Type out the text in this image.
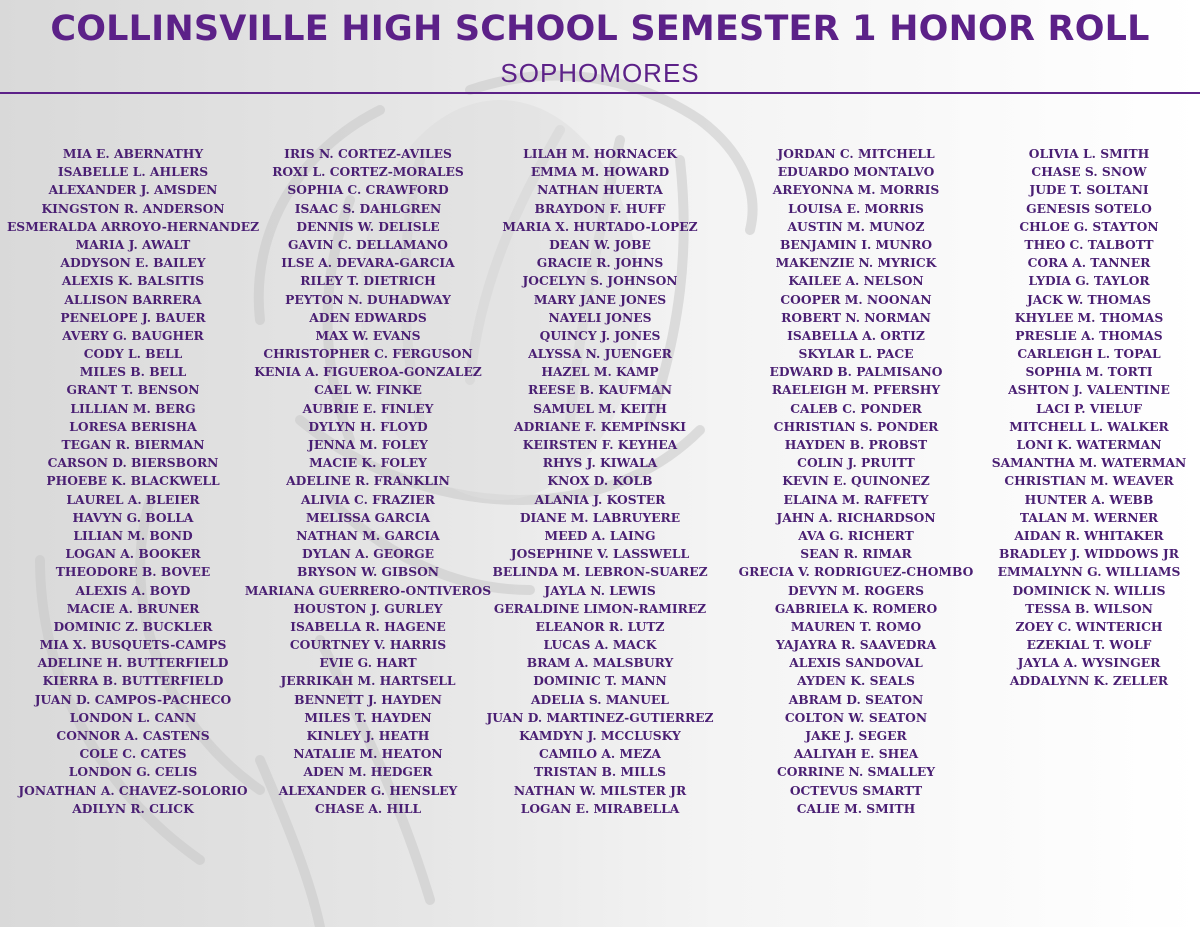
COLLINSVILLE HIGH SCHOOL SEMESTER 1 HONOR ROLL
SOPHOMORES
MIA E. ABERNATHY
ISABELLE L. AHLERS
ALEXANDER J. AMSDEN
KINGSTON R. ANDERSON
ESMERALDA ARROYO-HERNANDEZ
MARIA J. AWALT
ADDYSON E. BAILEY
ALEXIS K. BALSITIS
ALLISON BARRERA
PENELOPE J. BAUER
AVERY G. BAUGHER
CODY L. BELL
MILES B. BELL
GRANT T. BENSON
LILLIAN M. BERG
LORESA BERISHA
TEGAN R. BIERMAN
CARSON D. BIERSBORN
PHOEBE K. BLACKWELL
LAUREL A. BLEIER
HAVYN G. BOLLA
LILIAN M. BOND
LOGAN A. BOOKER
THEODORE B. BOVEE
ALEXIS A. BOYD
MACIE A. BRUNER
DOMINIC Z. BUCKLER
MIA X. BUSQUETS-CAMPS
ADELINE H. BUTTERFIELD
KIERRA B. BUTTERFIELD
JUAN D. CAMPOS-PACHECO
LONDON L. CANN
CONNOR A. CASTENS
COLE C. CATES
LONDON G. CELIS
JONATHAN A. CHAVEZ-SOLORIO
ADILYN R. CLICK
IRIS N. CORTEZ-AVILES
ROXI L. CORTEZ-MORALES
SOPHIA C. CRAWFORD
ISAAC S. DAHLGREN
DENNIS W. DELISLE
GAVIN C. DELLAMANO
ILSE A. DEVARA-GARCIA
RILEY T. DIETRICH
PEYTON N. DUHADWAY
ADEN EDWARDS
MAX W. EVANS
CHRISTOPHER C. FERGUSON
KENIA A. FIGUEROA-GONZALEZ
CAEL W. FINKE
AUBRIE E. FINLEY
DYLYN H. FLOYD
JENNA M. FOLEY
MACIE K. FOLEY
ADELINE R. FRANKLIN
ALIVIA C. FRAZIER
MELISSA GARCIA
NATHAN M. GARCIA
DYLAN A. GEORGE
BRYSON W. GIBSON
MARIANA GUERRERO-ONTIVEROS
HOUSTON J. GURLEY
ISABELLA R. HAGENE
COURTNEY V. HARRIS
EVIE G. HART
JERRIKAH M. HARTSELL
BENNETT J. HAYDEN
MILES T. HAYDEN
KINLEY J. HEATH
NATALIE M. HEATON
ADEN M. HEDGER
ALEXANDER G. HENSLEY
CHASE A. HILL
LILAH M. HORNACEK
EMMA M. HOWARD
NATHAN HUERTA
BRAYDON F. HUFF
MARIA X. HURTADO-LOPEZ
DEAN W. JOBE
GRACIE R. JOHNS
JOCELYN S. JOHNSON
MARY JANE JONES
NAYELI JONES
QUINCY J. JONES
ALYSSA N. JUENGER
HAZEL M. KAMP
REESE B. KAUFMAN
SAMUEL M. KEITH
ADRIANE F. KEMPINSKI
KEIRSTEN F. KEYHEA
RHYS J. KIWALA
KNOX D. KOLB
ALANIA J. KOSTER
DIANE M. LABRUYERE
MEED A. LAING
JOSEPHINE V. LASSWELL
BELINDA M. LEBRON-SUAREZ
JAYLA N. LEWIS
GERALDINE LIMON-RAMIREZ
ELEANOR R. LUTZ
LUCAS A. MACK
BRAM A. MALSBURY
DOMINIC T. MANN
ADELIA S. MANUEL
JUAN D. MARTINEZ-GUTIERREZ
KAMDYN J. MCCLUSKY
CAMILO A. MEZA
TRISTAN B. MILLS
NATHAN W. MILSTER JR
LOGAN E. MIRABELLA
JORDAN C. MITCHELL
EDUARDO MONTALVO
AREYONNA M. MORRIS
LOUISA E. MORRIS
AUSTIN M. MUNOZ
BENJAMIN I. MUNRO
MAKENZIE N. MYRICK
KAILEE A. NELSON
COOPER M. NOONAN
ROBERT N. NORMAN
ISABELLA A. ORTIZ
SKYLAR L. PACE
EDWARD B. PALMISANO
RAELEIGH M. PFERSHY
CALEB C. PONDER
CHRISTIAN S. PONDER
HAYDEN B. PROBST
COLIN J. PRUITT
KEVIN E. QUINONEZ
ELAINA M. RAFFETY
JAHN A. RICHARDSON
AVA G. RICHERT
SEAN R. RIMAR
GRECIA V. RODRIGUEZ-CHOMBO
DEVYN M. ROGERS
GABRIELA K. ROMERO
MAUREN T. ROMO
YAJAYRA R. SAAVEDRA
ALEXIS SANDOVAL
AYDEN K. SEALS
ABRAM D. SEATON
COLTON W. SEATON
JAKE J. SEGER
AALIYAH E. SHEA
CORRINE N. SMALLEY
OCTEVUS SMARTT
CALIE M. SMITH
OLIVIA L. SMITH
CHASE S. SNOW
JUDE T. SOLTANI
GENESIS SOTELO
CHLOE G. STAYTON
THEO C. TALBOTT
CORA A. TANNER
LYDIA G. TAYLOR
JACK W. THOMAS
KHYLEE M. THOMAS
PRESLIE A. THOMAS
CARLEIGH L. TOPAL
SOPHIA M. TORTI
ASHTON J. VALENTINE
LACI P. VIELUF
MITCHELL L. WALKER
LONI K. WATERMAN
SAMANTHA M. WATERMAN
CHRISTIAN M. WEAVER
HUNTER A. WEBB
TALAN M. WERNER
AIDAN R. WHITAKER
BRADLEY J. WIDDOWS JR
EMMALYNN G. WILLIAMS
DOMINICK N. WILLIS
TESSA B. WILSON
ZOEY C. WINTERICH
EZEKIAL T. WOLF
JAYLA A. WYSINGER
ADDALYNN K. ZELLER
